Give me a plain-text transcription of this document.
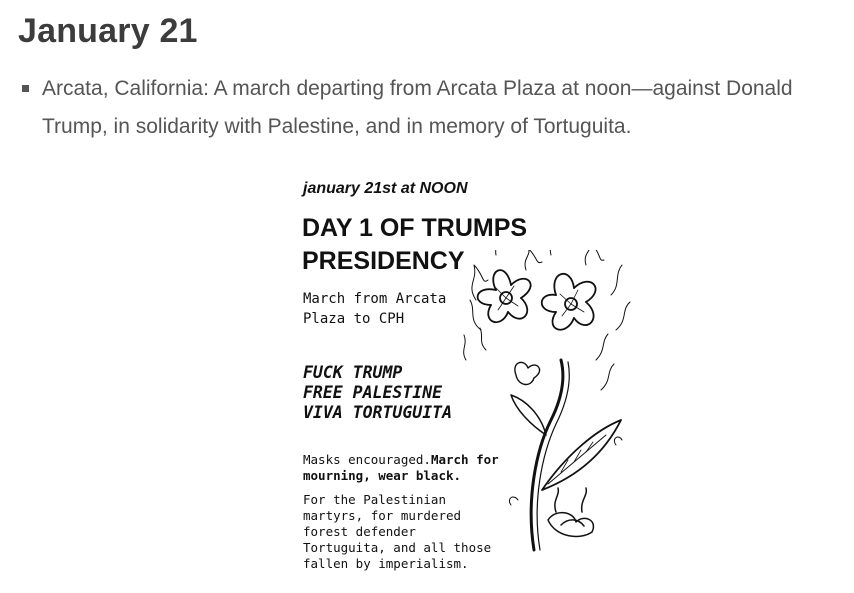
January 21
Arcata, California: A march departing from Arcata Plaza at noon—against Donald Trump, in solidarity with Palestine, and in memory of Tortuguita.
january 21st at NOON
DAY 1 OF TRUMPS
PRESIDENCY
March from Arcata
Plaza to CPH
FUCK TRUMP
FREE PALESTINE
VIVA TORTUGUITA
Masks encouraged.March for
mourning, wear black.
For the Palestinian
martyrs, for murdered
forest defender
Tortuguita, and all those
fallen by imperialism.
